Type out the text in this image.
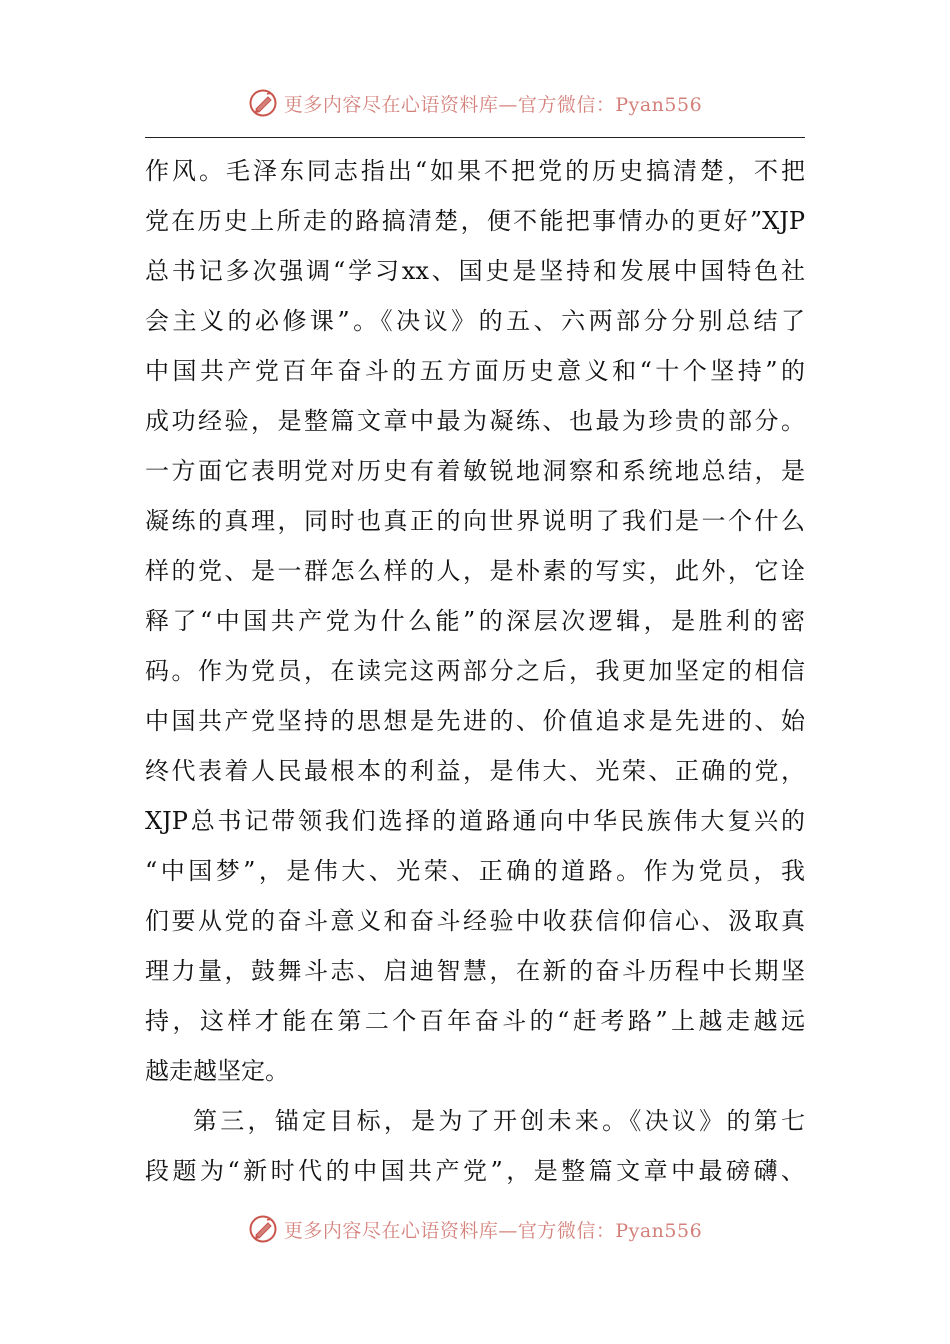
更多内容尽在心语资料库—官方微信：Pyan556
作风。毛泽东同志指出“如果不把党的历史搞清楚，不把
党在历史上所走的路搞清楚，便不能把事情办的更好”XJP
总书记多次强调“学习xx、国史是坚持和发展中国特色社
会主义的必修课”。《决议》的五、六两部分分别总结了
中国共产党百年奋斗的五方面历史意义和“十个坚持”的
成功经验，是整篇文章中最为凝练、也最为珍贵的部分。
一方面它表明党对历史有着敏锐地洞察和系统地总结，是
凝练的真理，同时也真正的向世界说明了我们是一个什么
样的党、是一群怎么样的人，是朴素的写实，此外，它诠
释了“中国共产党为什么能”的深层次逻辑，是胜利的密
码。作为党员，在读完这两部分之后，我更加坚定的相信
中国共产党坚持的思想是先进的、价值追求是先进的、始
终代表着人民最根本的利益，是伟大、光荣、正确的党，
XJP总书记带领我们选择的道路通向中华民族伟大复兴的
“中国梦”，是伟大、光荣、正确的道路。作为党员，我
们要从党的奋斗意义和奋斗经验中收获信仰信心、汲取真
理力量，鼓舞斗志、启迪智慧，在新的奋斗历程中长期坚
持，这样才能在第二个百年奋斗的“赶考路”上越走越远
越走越坚定。
第三，锚定目标，是为了开创未来。《决议》的第七
段题为“新时代的中国共产党”，是整篇文章中最磅礴、
更多内容尽在心语资料库—官方微信：Pyan556
